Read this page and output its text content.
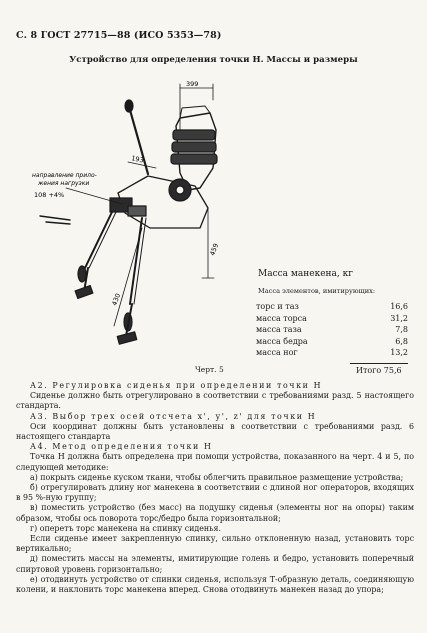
С. 8 ГОСТ 27715—88 (ИСО 5353—78)
Устройство для определения точки H. Массы и размеры
399
193
направление прило-
жения нагрузки
108 +4%
459
430
Масса манекена, кг
Масса элементов, имитирующих:
торс и таз	16,6
масса торса	31,2
масса таза	7,8
масса бедра	6,8
масса ног	13,2
Итого 75,6
Черт. 5

А2. Регулировка сиденья при определении точки H

Сиденье должно быть отрегулировано в соответствии с требованиями разд. 5 настоящего стандарта.

А3. Выбор трех осей отсчета x', y', z' для точки H

Оси координат должны быть установлены в соответствии с требованиями разд. 6 настоящего стандарта

А4. Метод определения точки H

Точка H должна быть определена при помощи устройства, показанного на черт. 4 и 5, по следующей методике:

а) покрыть сиденье куском ткани, чтобы облегчить правильное размещение устройства;

б) отрегулировать длину ног манекена в соответствии с длиной ног операторов, входящих в 95 %-ную группу;

в) поместить устройство (без масс) на подушку сиденья (элементы ног на опоры) таким образом, чтобы ось поворота торс/бедро была горизонтальной;

г) оперетъ торс манекена на спинку сиденья.

Если сиденье имеет закрепленную спинку, сильно отклоненную назад, установить торс вертикально;

д) поместить массы на элементы, имитирующие голень и бедро, установить поперечный спиртовой уровень горизонтально;

е) отодвинуть устройство от спинки сиденья, используя Т-образную деталь, соединяющую колени, и наклонить торс манекена вперед. Снова отодвинуть манекен назад до упора;
